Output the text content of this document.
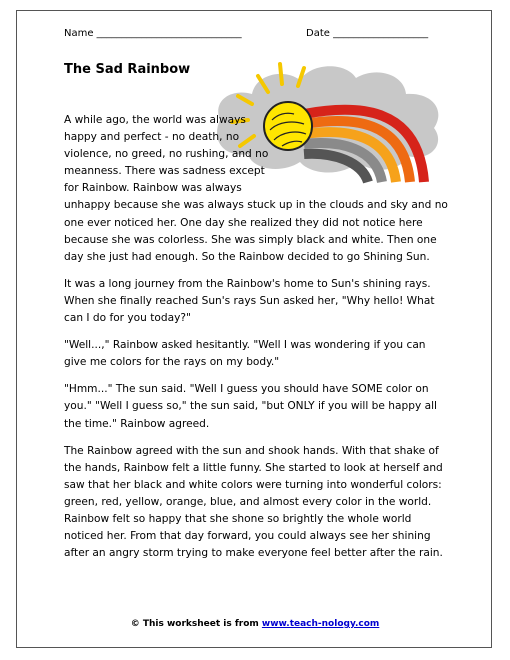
Name _____________________________	Date ___________________
The Sad Rainbow

A while ago, the world was always happy and perfect - no death, no violence, no greed, no rushing, and no meanness. There was sadness except for Rainbow. Rainbow was always unhappy because she was always stuck up in the clouds and sky and no one ever noticed her. One day she realized they did not notice here because she was colorless. She was simply black and white. Then one day she just had enough. So the Rainbow decided to go Shining Sun.

It was a long journey from the Rainbow's home to Sun's shining rays. When she finally reached Sun's rays Sun asked her, "Why hello! What can I do for you today?"

"Well...," Rainbow asked hesitantly. "Well I was wondering if you can give me colors for the rays on my body."

"Hmm..." The sun said. "Well I guess you should have SOME color on you." "Well I guess so," the sun said, "but ONLY if you will be happy all the time." Rainbow agreed.

The Rainbow agreed with the sun and shook hands. With that shake of the hands, Rainbow felt a little funny. She started to look at herself and saw that her black and white colors were turning into wonderful colors: green, red, yellow, orange, blue, and almost every color in the world. Rainbow felt so happy that she shone so brightly the whole world noticed her. From that day forward, you could always see her shining after an angry storm trying to make everyone feel better after the rain.

© This worksheet is from www.teach-nology.com
